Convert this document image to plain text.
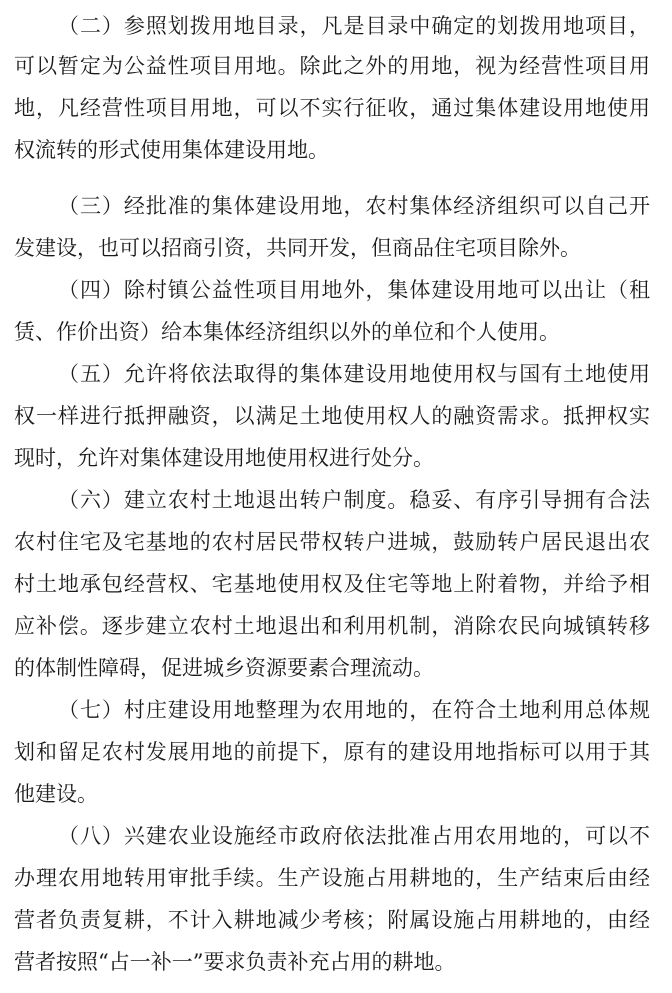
（二）参照划拨用地目录，凡是目录中确定的划拨用地项目，
可以暂定为公益性项目用地。除此之外的用地，视为经营性项目用
地，凡经营性项目用地，可以不实行征收，通过集体建设用地使用
权流转的形式使用集体建设用地。
（三）经批准的集体建设用地，农村集体经济组织可以自己开
发建设，也可以招商引资，共同开发，但商品住宅项目除外。
（四）除村镇公益性项目用地外，集体建设用地可以出让（租
赁、作价出资）给本集体经济组织以外的单位和个人使用。
（五）允许将依法取得的集体建设用地使用权与国有土地使用
权一样进行抵押融资，以满足土地使用权人的融资需求。抵押权实
现时，允许对集体建设用地使用权进行处分。
（六）建立农村土地退出转户制度。稳妥、有序引导拥有合法
农村住宅及宅基地的农村居民带权转户进城，鼓励转户居民退出农
村土地承包经营权、宅基地使用权及住宅等地上附着物，并给予相
应补偿。逐步建立农村土地退出和利用机制，消除农民向城镇转移
的体制性障碍，促进城乡资源要素合理流动。
（七）村庄建设用地整理为农用地的，在符合土地利用总体规
划和留足农村发展用地的前提下，原有的建设用地指标可以用于其
他建设。
（八）兴建农业设施经市政府依法批准占用农用地的，可以不
办理农用地转用审批手续。生产设施占用耕地的，生产结束后由经
营者负责复耕，不计入耕地减少考核；附属设施占用耕地的，由经
营者按照“占一补一”要求负责补充占用的耕地。
